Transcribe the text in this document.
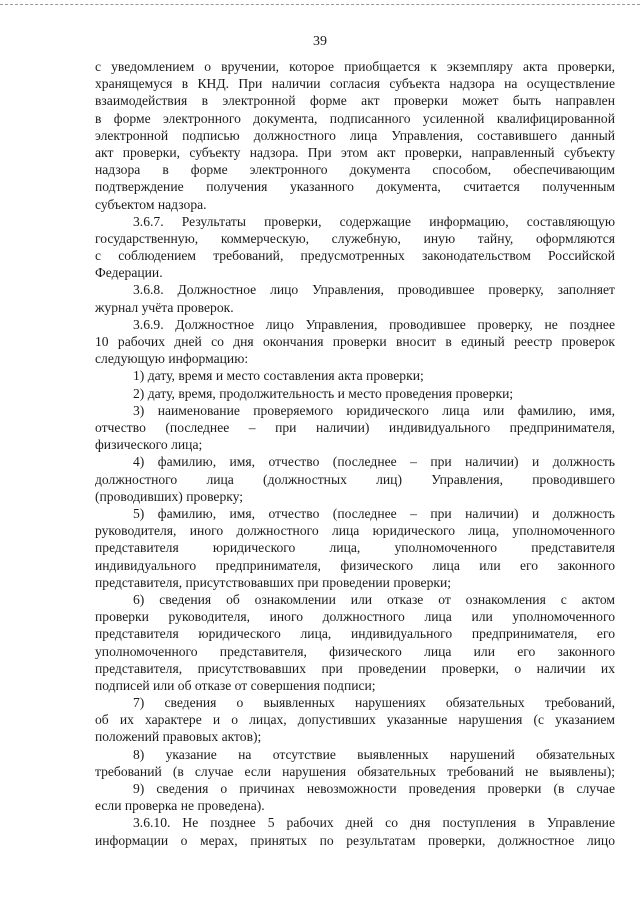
39
с уведомлением о вручении, которое приобщается к экземпляру акта проверки,
хранящемуся в КНД. При наличии согласия субъекта надзора на осуществление
взаимодействия в электронной форме акт проверки может быть направлен
в форме электронного документа, подписанного усиленной квалифицированной
электронной подписью должностного лица Управления, составившего данный
акт проверки, субъекту надзора. При этом акт проверки, направленный субъекту
надзора в форме электронного документа способом, обеспечивающим
подтверждение получения указанного документа, считается полученным
субъектом надзора.
3.6.7. Результаты проверки, содержащие информацию, составляющую
государственную, коммерческую, служебную, иную тайну, оформляются
с соблюдением требований, предусмотренных законодательством Российской
Федерации.
3.6.8. Должностное лицо Управления, проводившее проверку, заполняет
журнал учёта проверок.
3.6.9. Должностное лицо Управления, проводившее проверку, не позднее
10 рабочих дней со дня окончания проверки вносит в единый реестр проверок
следующую информацию:
1) дату, время и место составления акта проверки;
2) дату, время, продолжительность и место проведения проверки;
3) наименование проверяемого юридического лица или фамилию, имя,
отчество (последнее – при наличии) индивидуального предпринимателя,
физического лица;
4) фамилию, имя, отчество (последнее – при наличии) и должность
должностного лица (должностных лиц) Управления, проводившего
(проводивших) проверку;
5) фамилию, имя, отчество (последнее – при наличии) и должность
руководителя, иного должностного лица юридического лица, уполномоченного
представителя юридического лица, уполномоченного представителя
индивидуального предпринимателя, физического лица или его законного
представителя, присутствовавших при проведении проверки;
6) сведения об ознакомлении или отказе от ознакомления с актом
проверки руководителя, иного должностного лица или уполномоченного
представителя юридического лица, индивидуального предпринимателя, его
уполномоченного представителя, физического лица или его законного
представителя, присутствовавших при проведении проверки, о наличии их
подписей или об отказе от совершения подписи;
7) сведения о выявленных нарушениях обязательных требований,
об их характере и о лицах, допустивших указанные нарушения (с указанием
положений правовых актов);
8) указание на отсутствие выявленных нарушений обязательных
требований (в случае если нарушения обязательных требований не выявлены);
9) сведения о причинах невозможности проведения проверки (в случае
если проверка не проведена).
3.6.10. Не позднее 5 рабочих дней со дня поступления в Управление
информации о мерах, принятых по результатам проверки, должностное лицо
